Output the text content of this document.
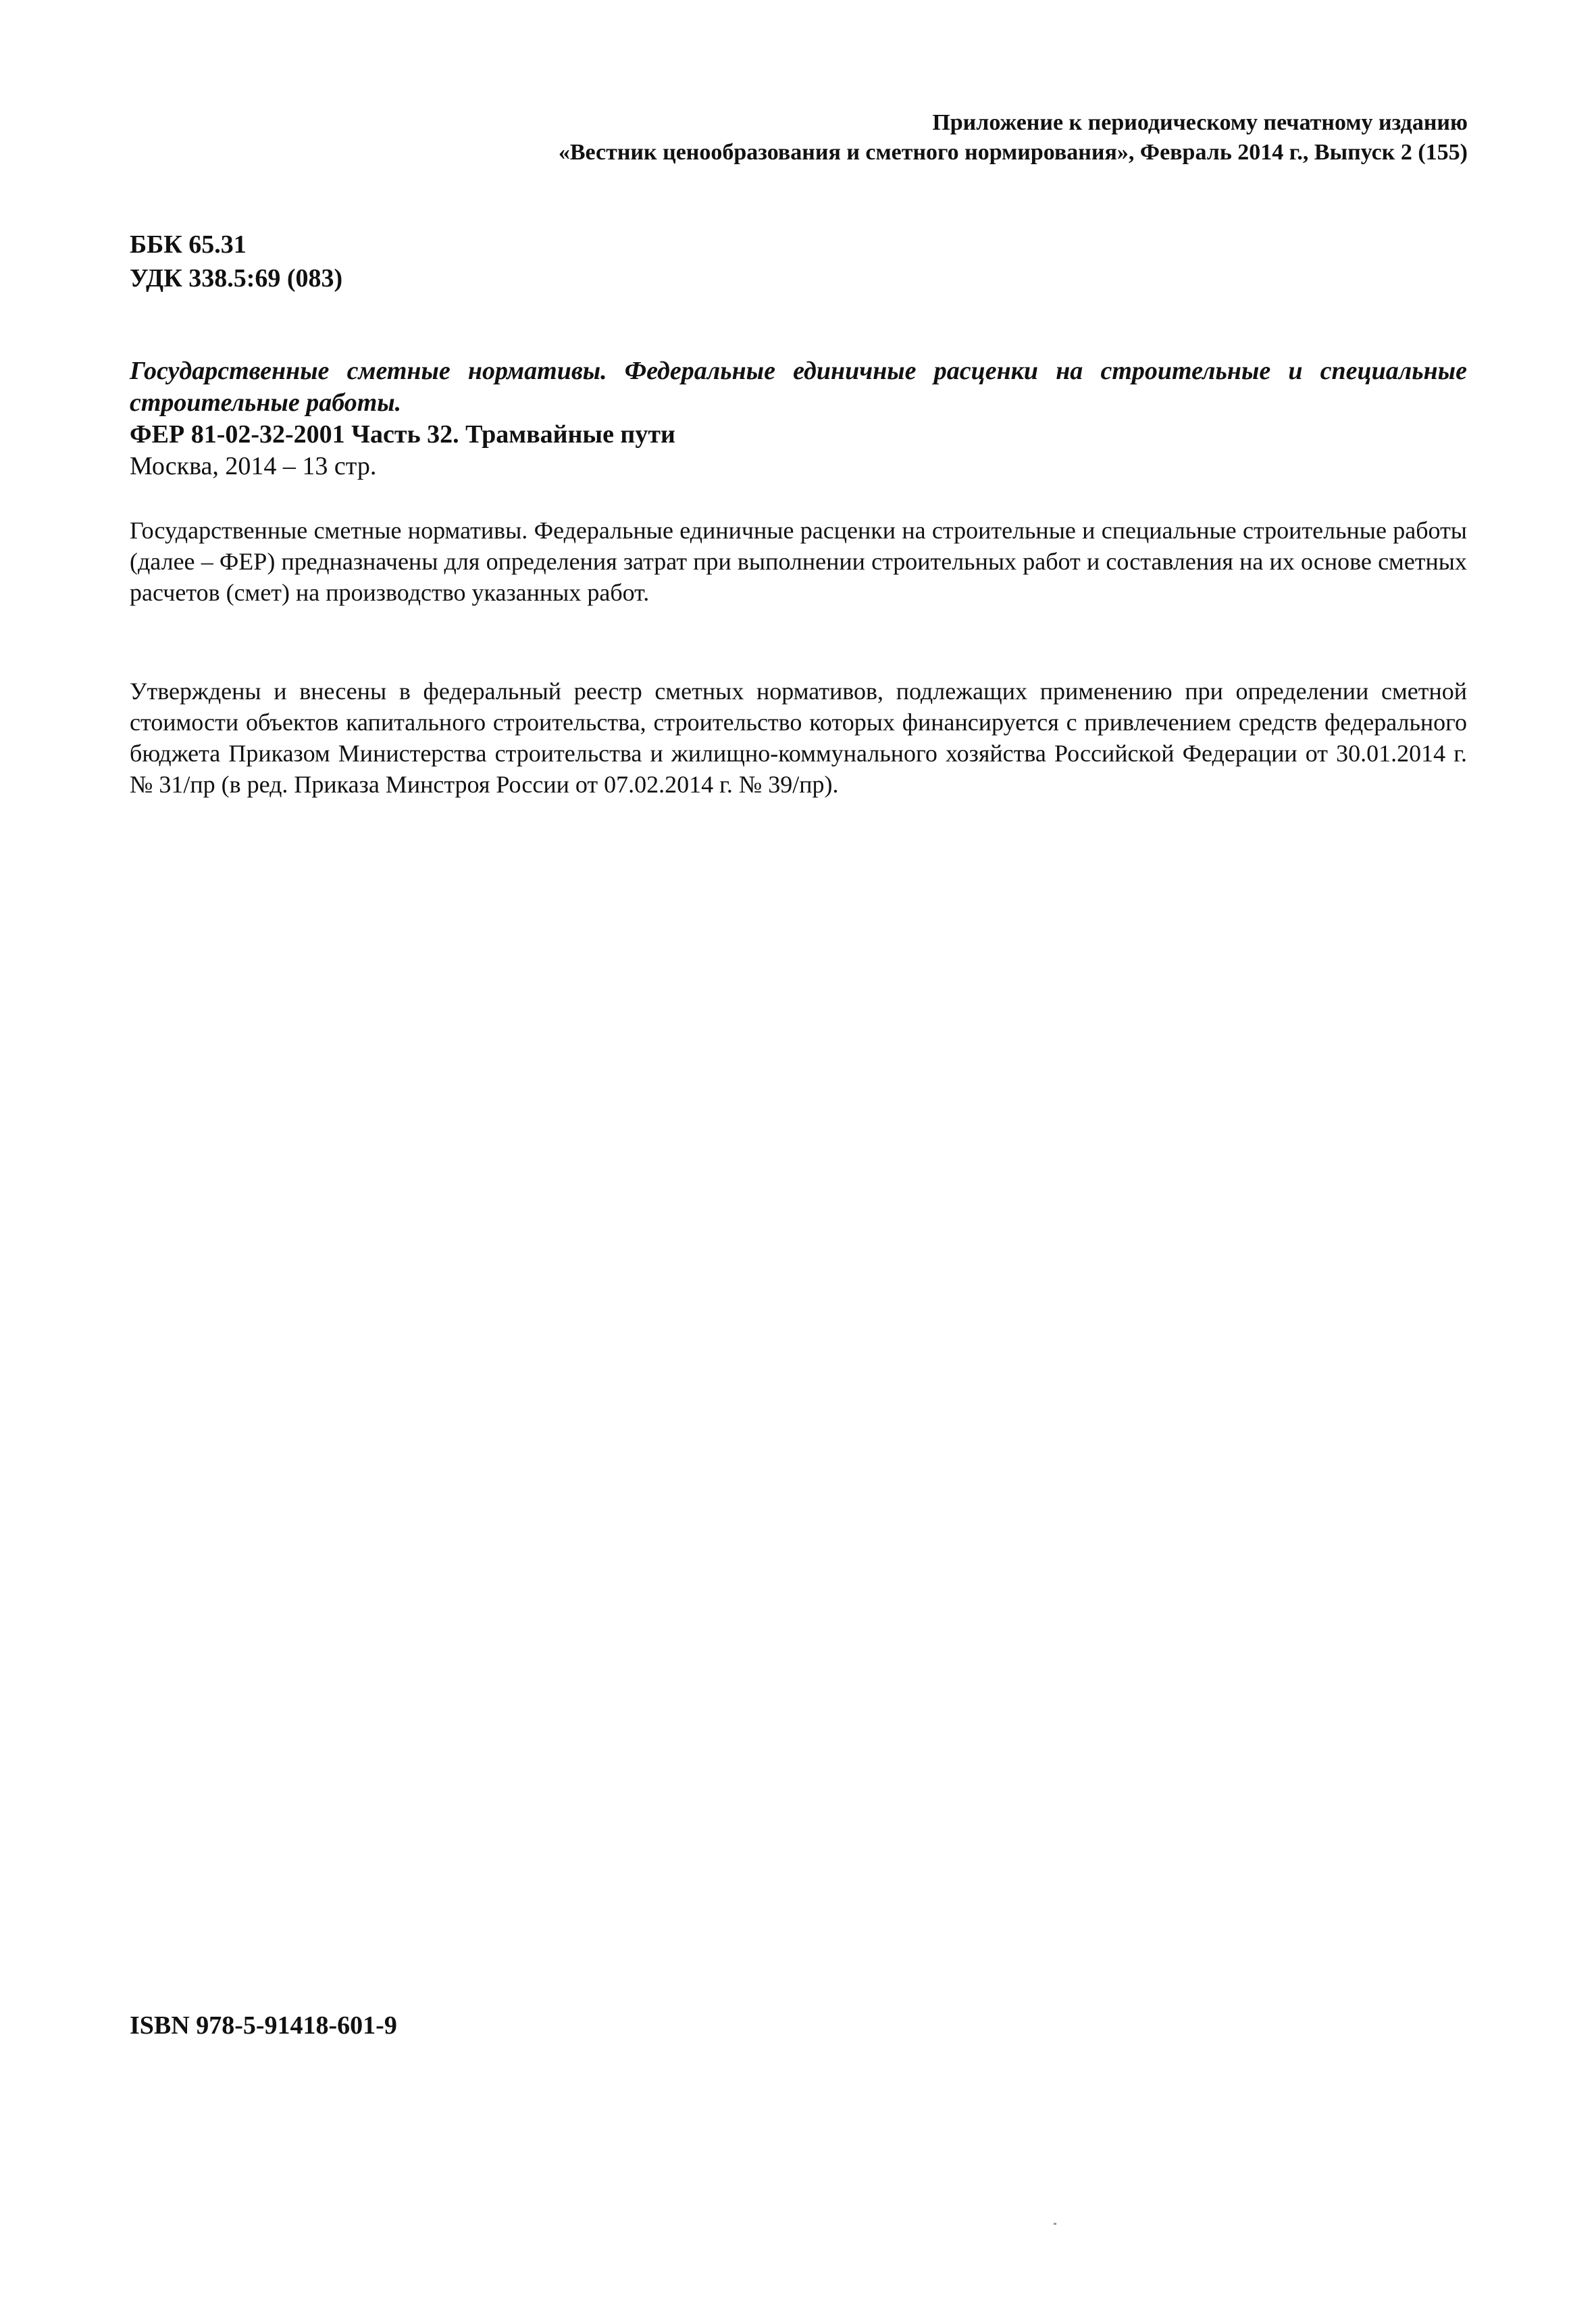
Приложение к периодическому печатному изданию
«Вестник ценообразования и сметного нормирования», Февраль 2014 г., Выпуск 2 (155)
ББК 65.31
УДК 338.5:69 (083)
Государственные сметные нормативы. Федеральные единичные расценки на строительные и специальные строительные работы.
ФЕР 81-02-32-2001 Часть 32. Трамвайные пути
Москва, 2014 – 13 стр.
Государственные сметные нормативы. Федеральные единичные расценки на строительные и специальные строительные работы (далее – ФЕР) предназначены для определения затрат при выполнении строительных работ и составления на их основе сметных расчетов (смет) на производство указанных работ.
Утверждены и внесены в федеральный реестр сметных нормативов, подлежащих применению при определении сметной стоимости объектов капитального строительства, строительство которых финансируется с привлечением средств федерального бюджета Приказом Министерства строительства и жилищно-коммунального хозяйства Российской Федерации от 30.01.2014 г. № 31/пр (в ред. Приказа Минстроя России от 07.02.2014 г. № 39/пр).
ISBN 978-5-91418-601-9
